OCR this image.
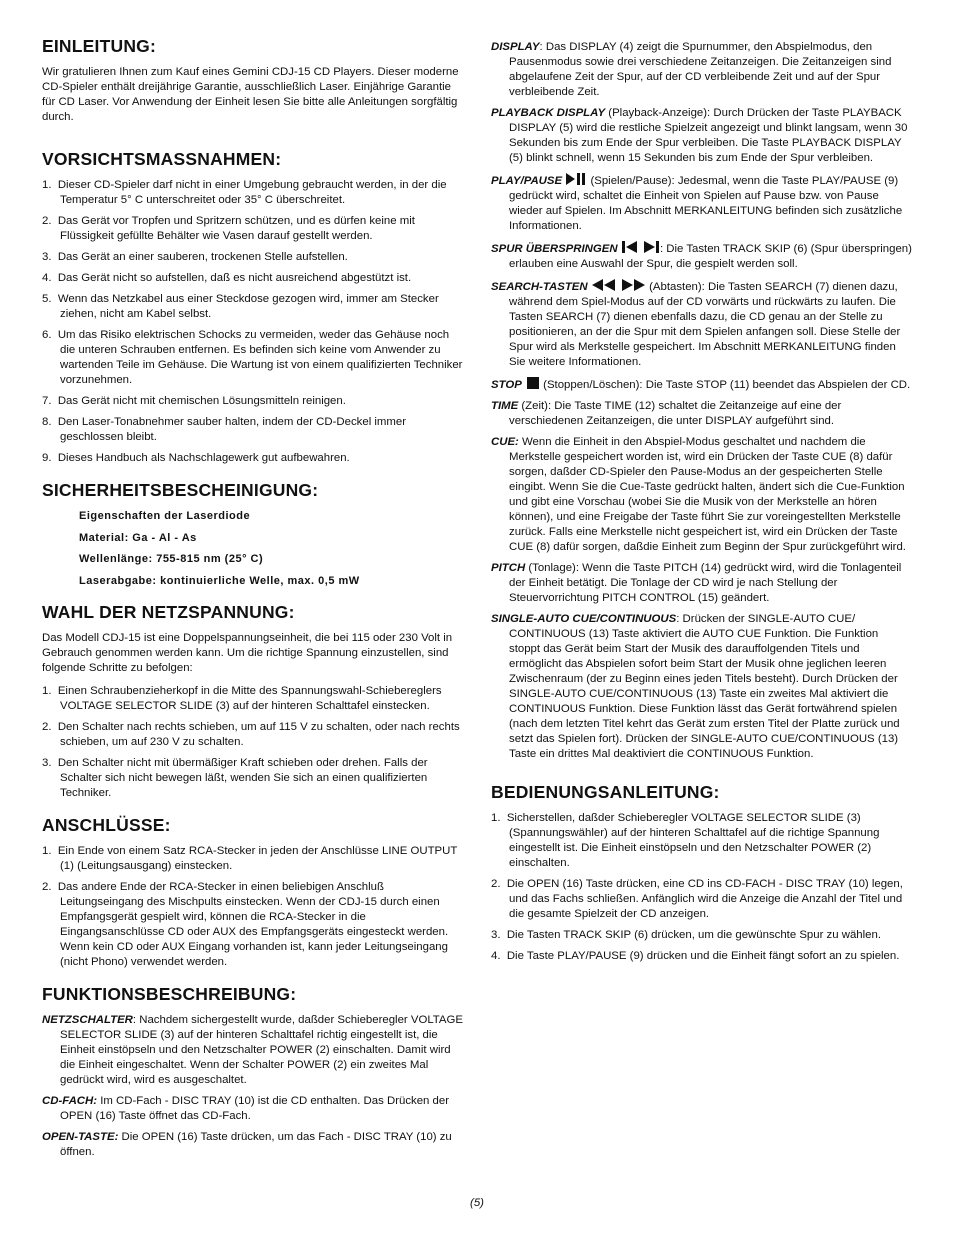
EINLEITUNG:

Wir gratulieren Ihnen zum Kauf eines Gemini CDJ-15 CD Players. Dieser moderne CD-Spieler enthält dreijährige Garantie, ausschließlich Laser. Einjährige Garantie für CD Laser. Vor Anwendung der Einheit lesen Sie bitte alle Anleitungen sorgfältig durch.

VORSICHTSMASSNAHMEN:
1.  Dieser CD-Spieler darf nicht in einer Umgebung gebraucht werden, in der die Temperatur 5° C unterschreitet oder 35° C überschreitet.
2.  Das Gerät vor Tropfen und Spritzern schützen, und es dürfen keine mit Flüssigkeit gefüllte Behälter wie Vasen darauf gestellt werden.
3.  Das Gerät an einer sauberen, trockenen Stelle aufstellen.
4.  Das Gerät nicht so aufstellen, daß es nicht ausreichend abgestützt ist.
5.  Wenn das Netzkabel aus einer Steckdose gezogen wird, immer am Stecker ziehen, nicht am Kabel selbst.
6.  Um das Risiko elektrischen Schocks zu vermeiden, weder das Gehäuse noch die unteren Schrauben entfernen. Es befinden sich keine vom Anwender zu wartenden Teile im Gehäuse. Die Wartung ist von einem qualifizierten Techniker vorzunehmen.
7.  Das Gerät nicht mit chemischen Lösungsmitteln reinigen.
8.  Den Laser-Tonabnehmer sauber halten, indem der CD-Deckel immer geschlossen bleibt.
9.  Dieses Handbuch als Nachschlagewerk gut aufbewahren.
SICHERHEITSBESCHEINIGUNG:
Eigenschaften der Laserdiode
Material: Ga - Al - As
Wellenlänge: 755-815 nm (25° C)
Laserabgabe: kontinuierliche Welle, max. 0,5 mW
WAHL DER NETZSPANNUNG:

Das Modell CDJ-15 ist eine Doppelspannungseinheit, die bei 115 oder 230 Volt in Gebrauch genommen werden kann. Um die richtige Spannung einzustellen, sind folgende Schritte zu befolgen:

1.  Einen Schraubenzieherkopf in die Mitte des Spannungswahl-Schiebereglers VOLTAGE SELECTOR SLIDE (3) auf der hinteren Schalttafel einstecken.
2.  Den Schalter nach rechts schieben, um auf 115 V zu schalten, oder nach rechts schieben, um auf 230 V zu schalten.
3.  Den Schalter nicht mit übermäßiger Kraft schieben oder drehen. Falls der Schalter sich nicht bewegen läßt, wenden Sie sich an einen qualifizierten Techniker.
ANSCHLÜSSE:
1.  Ein Ende von einem Satz RCA-Stecker in jeden der Anschlüsse LINE OUTPUT (1) (Leitungsausgang) einstecken.
2.  Das andere Ende der RCA-Stecker in einen beliebigen Anschluß Leitungseingang des Mischpults einstecken. Wenn der CDJ-15 durch einen Empfangsgerät gespielt wird, können die RCA-Stecker in die Eingangsanschlüsse CD oder AUX des Empfangsgeräts eingesteckt werden. Wenn kein CD oder AUX Eingang vorhanden ist, kann jeder Leitungseingang (nicht Phono) verwendet werden.
FUNKTIONSBESCHREIBUNG:
NETZSCHALTER: Nachdem sichergestellt wurde, daßder Schieberegler VOLTAGE SELECTOR SLIDE (3) auf der hinteren Schalttafel richtig eingestellt ist, die Einheit einstöpseln und den Netzschalter POWER (2) einschalten. Damit wird die Einheit eingeschaltet. Wenn der Schalter POWER (2) ein zweites Mal gedrückt wird, wird es ausgeschaltet.
CD-FACH: Im CD-Fach - DISC TRAY (10) ist die CD enthalten. Das Drücken der OPEN (16) Taste öffnet das CD-Fach.
OPEN-TASTE: Die OPEN (16) Taste drücken, um das Fach - DISC TRAY (10) zu öffnen.
DISPLAY: Das DISPLAY (4) zeigt die Spurnummer, den Abspielmodus, den Pausenmodus sowie drei verschiedene Zeitanzeigen. Die Zeitanzeigen sind abgelaufene Zeit der Spur, auf der CD verbleibende Zeit und auf der Spur verbleibende Zeit.
PLAYBACK DISPLAY (Playback-Anzeige): Durch Drücken der Taste PLAYBACK DISPLAY (5) wird die restliche Spielzeit angezeigt und blinkt langsam, wenn 30 Sekunden bis zum Ende der Spur verbleiben. Die Taste PLAYBACK DISPLAY (5) blinkt schnell, wenn 15 Sekunden bis zum Ende der Spur verbleiben.
PLAY/PAUSE  (Spielen/Pause): Jedesmal, wenn die Taste PLAY/PAUSE (9) gedrückt wird, schaltet die Einheit von Spielen auf Pause bzw. von Pause wieder auf Spielen. Im Abschnitt MERKANLEITUNG befinden sich zusätzliche Informationen.
SPUR ÜBERSPRINGEN	: Die Tasten TRACK SKIP (6) (Spur überspringen) erlauben eine Auswahl der Spur, die gespielt werden soll.
SEARCH-TASTEN	(Abtasten): Die Tasten SEARCH (7) dienen dazu, während dem Spiel-Modus auf der CD vorwärts und rückwärts zu laufen. Die Tasten SEARCH (7) dienen ebenfalls dazu, die CD genau an der Stelle zu positionieren, an der die Spur mit dem Spielen anfangen soll. Diese Stelle der Spur wird als Merkstelle gespeichert. Im Abschnitt MERKANLEITUNG finden Sie weitere Informationen.
STOP  (Stoppen/Löschen): Die Taste STOP (11) beendet das Abspielen der CD.
TIME (Zeit): Die Taste TIME (12) schaltet die Zeitanzeige auf eine der verschiedenen Zeitanzeigen, die unter DISPLAY aufgeführt sind.
CUE: Wenn die Einheit in den Abspiel-Modus geschaltet und nachdem die Merkstelle gespeichert worden ist, wird ein Drücken der Taste CUE (8) dafür sorgen, daßder CD-Spieler den Pause-Modus an der gespeicherten Stelle eingibt. Wenn Sie die Cue-Taste gedrückt halten, ändert sich die Cue-Funktion und gibt eine Vorschau (wobei Sie die Musik von der Merkstelle an hören können), und eine Freigabe der Taste führt Sie zur voreingestellten Merkstelle zurück. Falls eine Merkstelle nicht gespeichert ist, wird ein Drücken der Taste CUE (8) dafür sorgen, daßdie Einheit zum Beginn der Spur zurückgeführt wird.
PITCH (Tonlage): Wenn die Taste PITCH (14) gedrückt wird, wird die Tonlagenteil der Einheit betätigt. Die Tonlage der CD wird je nach Stellung der Steuervorrichtung PITCH CONTROL (15) geändert.
SINGLE-AUTO CUE/CONTINUOUS: Drücken der SINGLE-AUTO CUE/ CONTINUOUS (13) Taste aktiviert die AUTO CUE Funktion. Die Funktion stoppt das Gerät beim Start der Musik des darauffolgenden Titels und ermöglicht das Abspielen sofort beim Start der Musik ohne jeglichen leeren Zwischenraum (der zu Beginn eines jeden Titels besteht). Durch Drücken der SINGLE-AUTO CUE/CONTINUOUS (13) Taste ein zweites Mal aktiviert die CONTINUOUS Funktion. Diese Funktion lässt das Gerät fortwährend spielen (nach dem letzten Titel kehrt das Gerät zum ersten Titel der Platte zurück und setzt das Spielen fort). Drücken der SINGLE-AUTO CUE/CONTINUOUS (13) Taste ein drittes Mal deaktiviert die CONTINUOUS Funktion.
BEDIENUNGSANLEITUNG:
1.  Sicherstellen, daßder Schieberegler VOLTAGE SELECTOR SLIDE (3) (Spannungswähler) auf der hinteren Schalttafel auf die richtige Spannung eingestellt ist. Die Einheit einstöpseln und den Netzschalter POWER (2) einschalten.
2.  Die OPEN (16) Taste drücken, eine CD ins CD-FACH - DISC TRAY (10) legen, und das Fachs schließen. Anfänglich wird die Anzeige die Anzahl der Titel und die gesamte Spielzeit der CD anzeigen.
3.  Die Tasten TRACK SKIP (6) drücken, um die gewünschte Spur zu wählen.
4.  Die Taste PLAY/PAUSE (9) drücken und die Einheit fängt sofort an zu spielen.
(5)
